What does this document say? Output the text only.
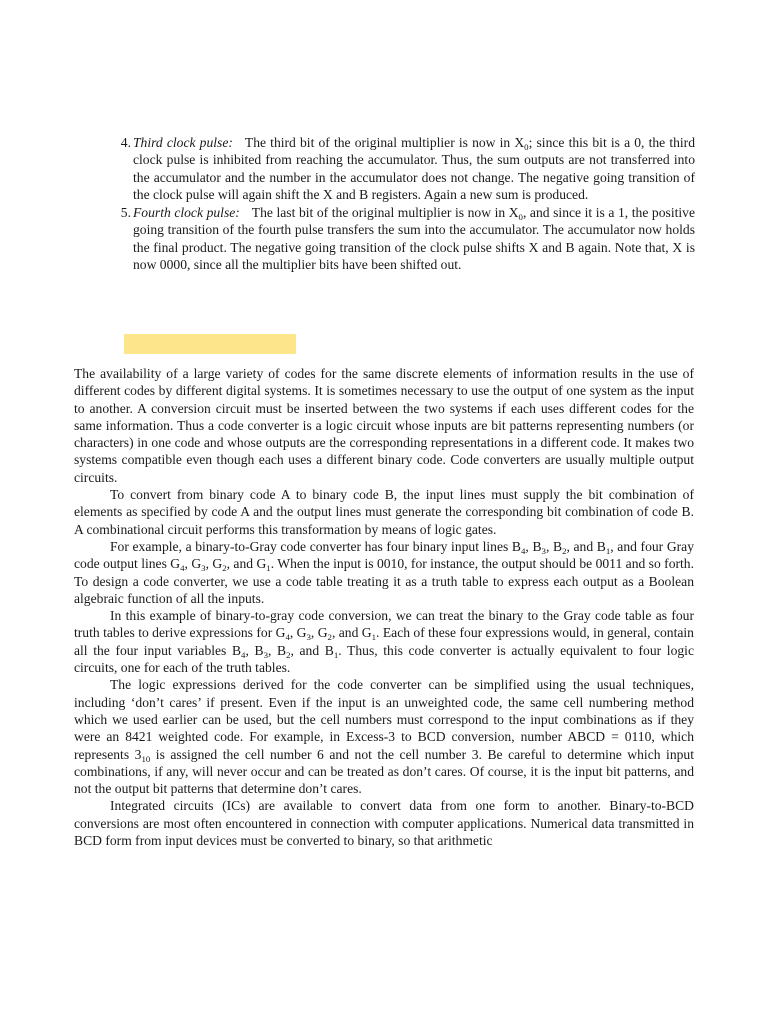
4. Third clock pulse: The third bit of the original multiplier is now in $X_0$; since this bit is a 0, the third clock pulse is inhibited from reaching the accumulator. Thus, the sum outputs are not transferred into the accumulator and the number in the accumulator does not change. The negative going transition of the clock pulse will again shift the X and B registers. Again a new sum is produced.
5. Fourth clock pulse: The last bit of the original multiplier is now in $X_0$, and since it is a 1, the positive going transition of the fourth pulse transfers the sum into the accumulator. The accumulator now holds the final product. The negative going transition of the clock pulse shifts X and B again. Note that, X is now 0000, since all the multiplier bits have been shifted out.

The availability of a large variety of codes for the same discrete elements of information results in the use of different codes by different digital systems. It is sometimes necessary to use the output of one system as the input to another. A conversion circuit must be inserted between the two systems if each uses different codes for the same information. Thus a code converter is a logic circuit whose inputs are bit patterns representing numbers (or characters) in one code and whose outputs are the corresponding representations in a different code. It makes two systems compatible even though each uses a different binary code. Code converters are usually multiple output circuits.

To convert from binary code A to binary code B, the input lines must supply the bit combination of elements as specified by code A and the output lines must generate the corresponding bit combination of code B. A combinational circuit performs this transformation by means of logic gates.

For example, a binary-to-Gray code converter has four binary input lines $B_4$, $B_3$, $B_2$, and $B_1$, and four Gray code output lines $G_4$, $G_3$, $G_2$, and $G_1$. When the input is 0010, for instance, the output should be 0011 and so forth. To design a code converter, we use a code table treating it as a truth table to express each output as a Boolean algebraic function of all the inputs.

In this example of binary-to-gray code conversion, we can treat the binary to the Gray code table as four truth tables to derive expressions for $G_4$, $G_3$, $G_2$, and $G_1$. Each of these four expressions would, in general, contain all the four input variables $B_4$, $B_3$, $B_2$, and $B_1$. Thus, this code converter is actually equivalent to four logic circuits, one for each of the truth tables.

The logic expressions derived for the code converter can be simplified using the usual techniques, including ‘don’t cares’ if present. Even if the input is an unweighted code, the same cell numbering method which we used earlier can be used, but the cell numbers must correspond to the input combinations as if they were an 8421 weighted code. For example, in Excess-3 to BCD conversion, number ABCD = 0110, which represents $3_{10}$ is assigned the cell number 6 and not the cell number 3. Be careful to determine which input combinations, if any, will never occur and can be treated as don’t cares. Of course, it is the input bit patterns, and not the output bit patterns that determine don’t cares.

Integrated circuits (ICs) are available to convert data from one form to another. Binary-to-BCD conversions are most often encountered in connection with computer applications. Numerical data transmitted in BCD form from input devices must be converted to binary, so that arithmetic
